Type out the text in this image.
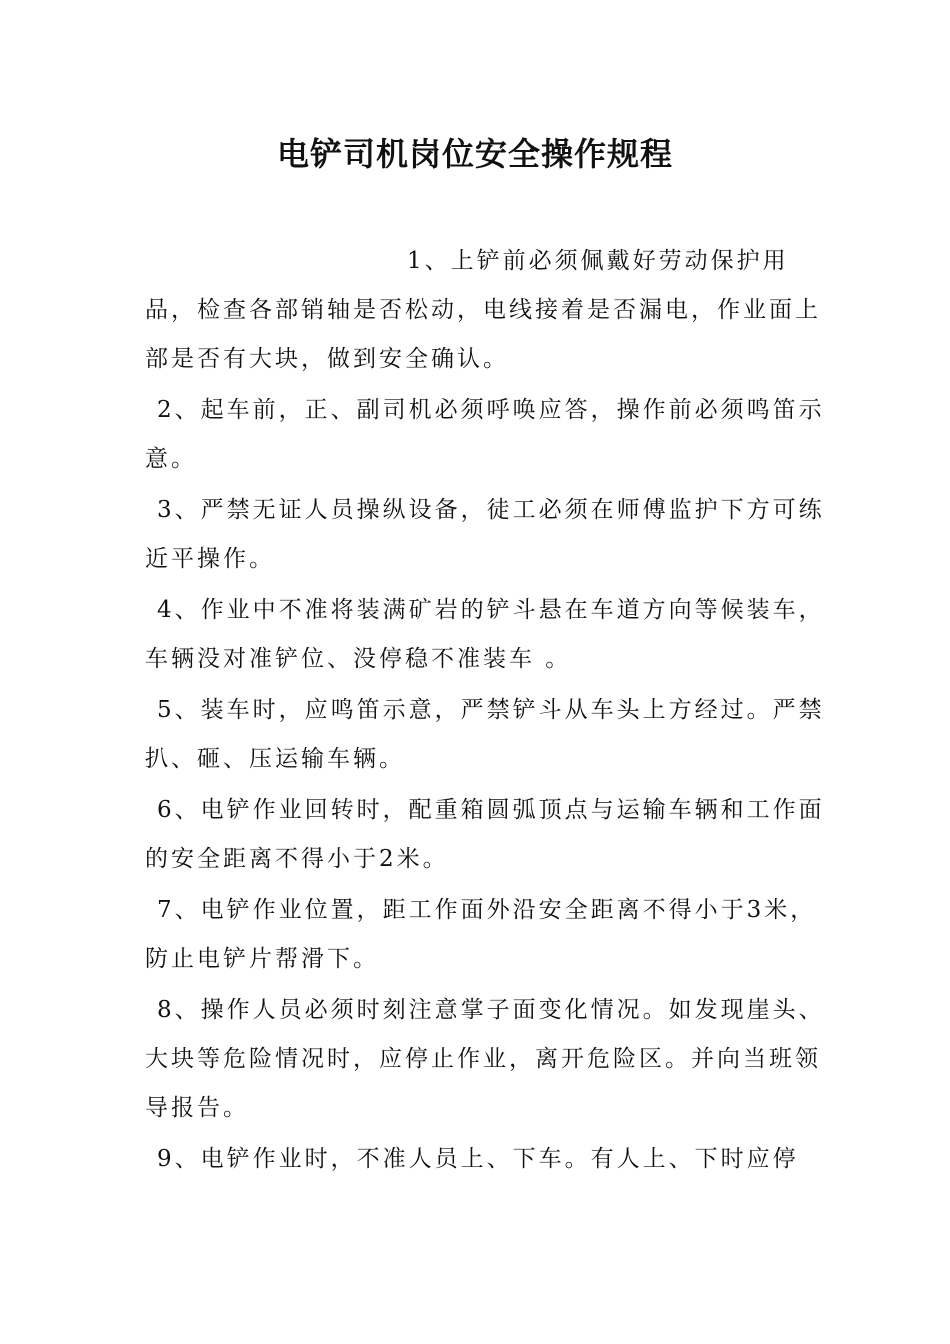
电铲司机岗位安全操作规程

1、上铲前必须佩戴好劳动保护用品，检查各部销轴是否松动，电线接着是否漏电，作业面上部是否有大块，做到安全确认。

2、起车前，正、副司机必须呼唤应答，操作前必须鸣笛示意。

3、严禁无证人员操纵设备，徒工必须在师傅监护下方可练近平操作。

4、作业中不准将装满矿岩的铲斗悬在车道方向等候装车，车辆没对准铲位、没停稳不准装车 。

5、装车时，应鸣笛示意，严禁铲斗从车头上方经过。严禁扒、砸、压运输车辆。

6、电铲作业回转时，配重箱圆弧顶点与运输车辆和工作面的安全距离不得小于2米。

7、电铲作业位置，距工作面外沿安全距离不得小于3米，防止电铲片帮滑下。

8、操作人员必须时刻注意掌子面变化情况。如发现崖头、大块等危险情况时，应停止作业，离开危险区。并向当班领导报告。

9、电铲作业时，不准人员上、下车。有人上、下时应停
